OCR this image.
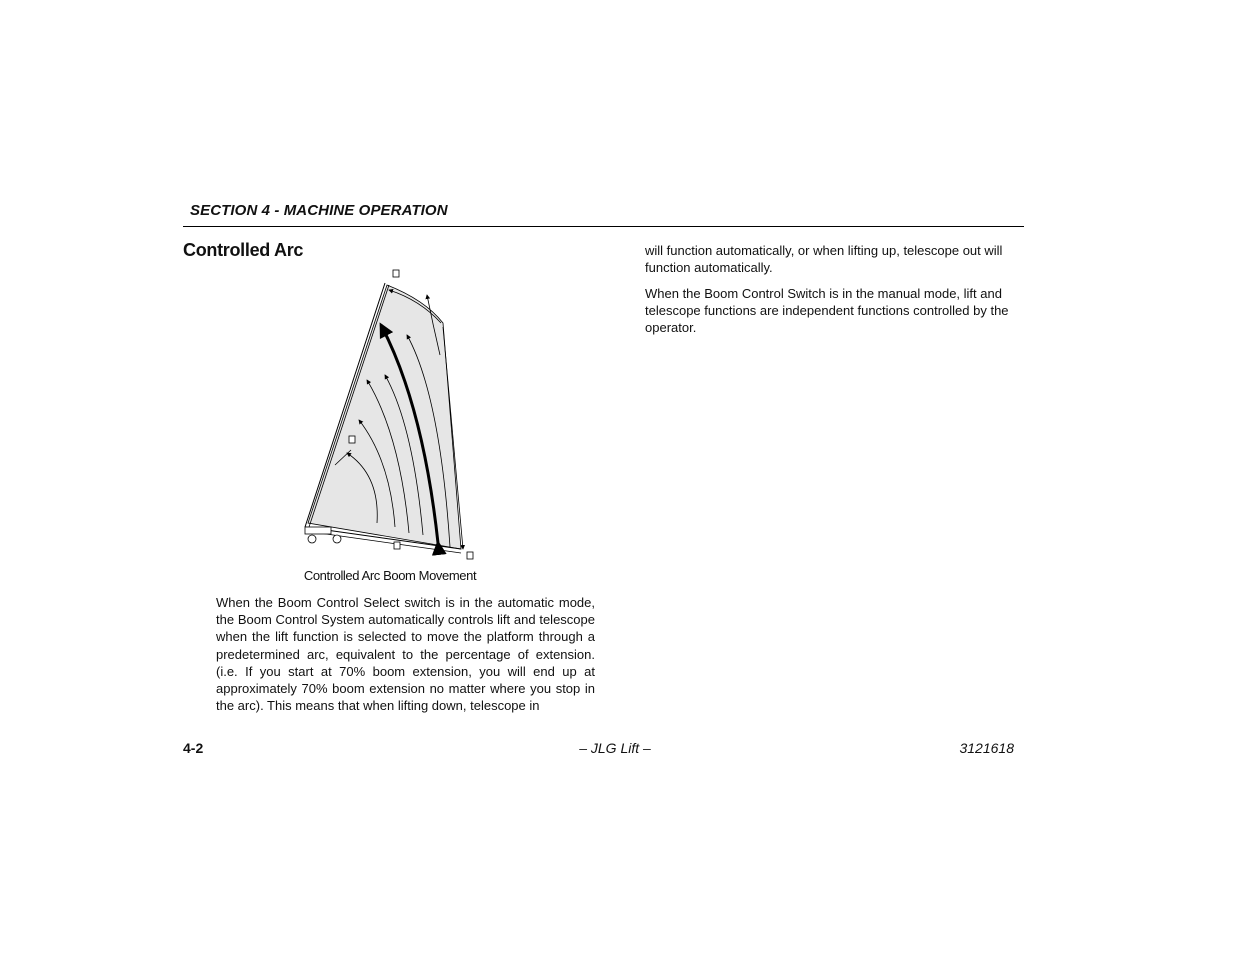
SECTION 4 - MACHINE OPERATION
Controlled Arc
Controlled Arc Boom Movement

When the Boom Control Select switch is in the automatic mode, the Boom Control System automatically controls lift and telescope when the lift function is selected to move the platform through a predetermined arc, equivalent to the percentage of extension. (i.e. If you start at 70% boom extension, you will end up at approximately 70% boom extension no matter where you stop in the arc). This means that when lifting down, telescope in

will function automatically, or when lifting up, telescope out will function automatically.

When the Boom Control Switch is in the manual mode, lift and telescope functions are independent functions controlled by the operator.

4-2	– JLG Lift –	3121618
